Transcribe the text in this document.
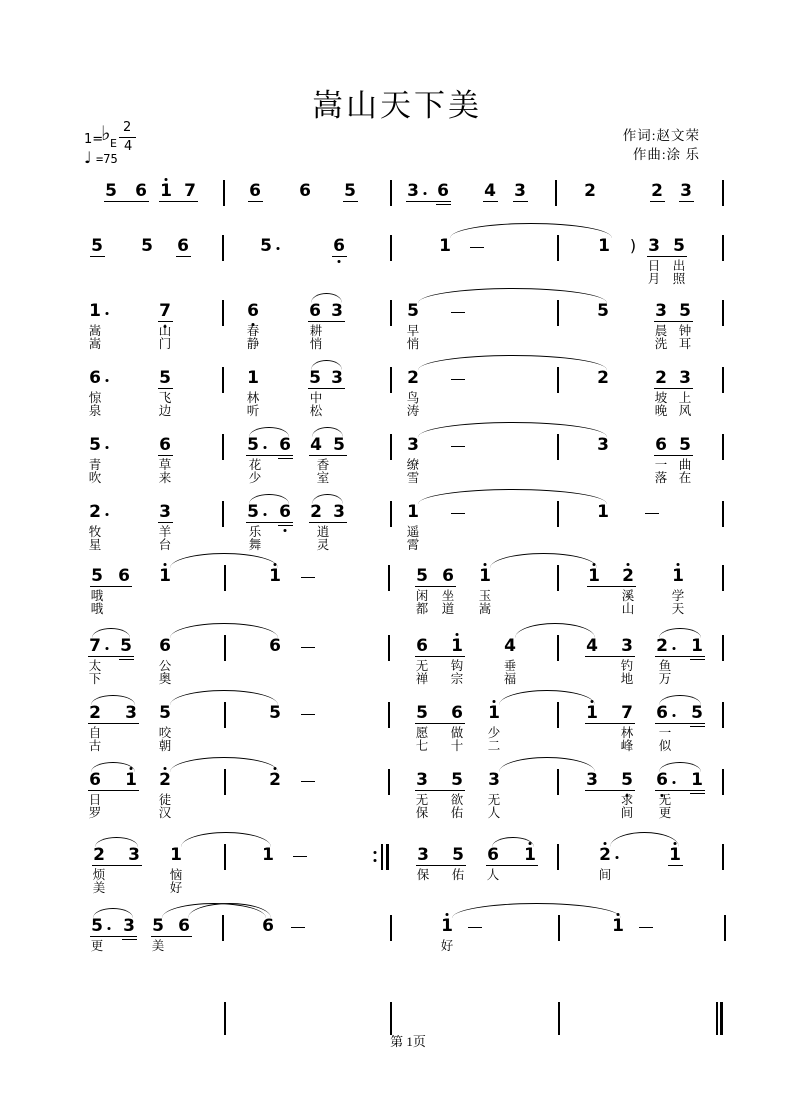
嵩山天下美
1=
♭ E
2
4
♩ =75
作词:赵文荣
作曲:涂 乐
5 6 1 7	6 6 5	3 6 4 3	2	2 3
5 5 6	5	6	1	1 ) 3 5
日
月
出
照
1	7	6	6 3	5	5	3 5
嵩
嵩
山
门
春
静
耕
悄
早
悄
晨
洗
钟
耳
6	5	1	5 3	2	2	2 3
惊
泉
飞
边
林
听
中
松
鸟
涛
坡
晚
上
风
5	6	5 6 4 5	3	3	6 5
青
吹
草
来
花
少
香
室
缭
雪
一
落
曲
在
2	3	5 6 2 3	1	1
牧
星
羊
台
乐
舞
逍
灵
遥
霄
5 6 1	1	5 6 1	1 2 1
哦
哦
闲
都
坐
道
玉
嵩
溪
山
学
天
7 5 6	6	6 1 4	4 3 2 1
太
下
公
奥
无
禅
钩
宗
垂
福
钓
地
鱼
万
2 3 5	5	5 6 1	1 7 6 5
自
古
咬
朝
愿
七
做
十
少
二
林
峰
一
似
6 1 2	2	3 5 3	3 5 6 1
日
罗
徒
汉
无
保
欲
佑
无
人
求
间
无
更
2 3 1	1	3 5 6 1	2	1
烦
美
恼
好
保 佑 人	间
5 3 5 6	6	1	1
更	美	好
第 1页
